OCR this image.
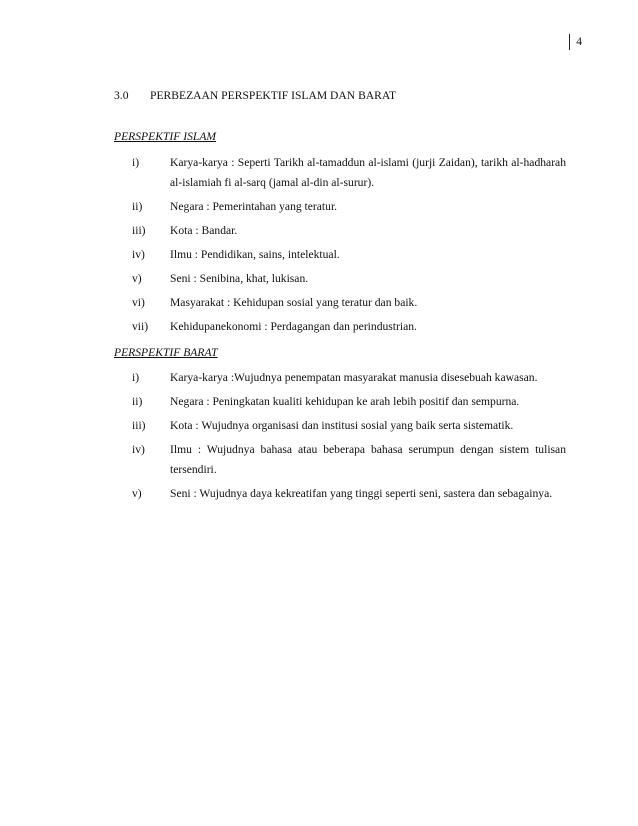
4
3.0 PERBEZAAN PERSPEKTIF ISLAM DAN BARAT
PERSPEKTIF ISLAM
i)	Karya-karya : Seperti Tarikh al-tamaddun al-islami (jurji Zaidan), tarikh al-hadharah al-islamiah fi al-sarq (jamal al-din al-surur).
ii)	Negara : Pemerintahan yang teratur.
iii)	Kota : Bandar.
iv)	Ilmu : Pendidikan, sains, intelektual.
v)	Seni : Senibina, khat, lukisan.
vi)	Masyarakat : Kehidupan sosial yang teratur dan baik.
vii)	Kehidupanekonomi : Perdagangan dan perindustrian.
PERSPEKTIF BARAT
i)	Karya-karya :Wujudnya penempatan masyarakat manusia disesebuah kawasan.
ii)	Negara : Peningkatan kualiti kehidupan ke arah lebih positif dan sempurna.
iii)	Kota : Wujudnya organisasi dan institusi sosial yang baik serta sistematik.
iv)	Ilmu : Wujudnya bahasa atau beberapa bahasa serumpun dengan sistem tulisan tersendiri.
v)	Seni : Wujudnya daya kekreatifan yang tinggi seperti seni, sastera dan sebagainya.
